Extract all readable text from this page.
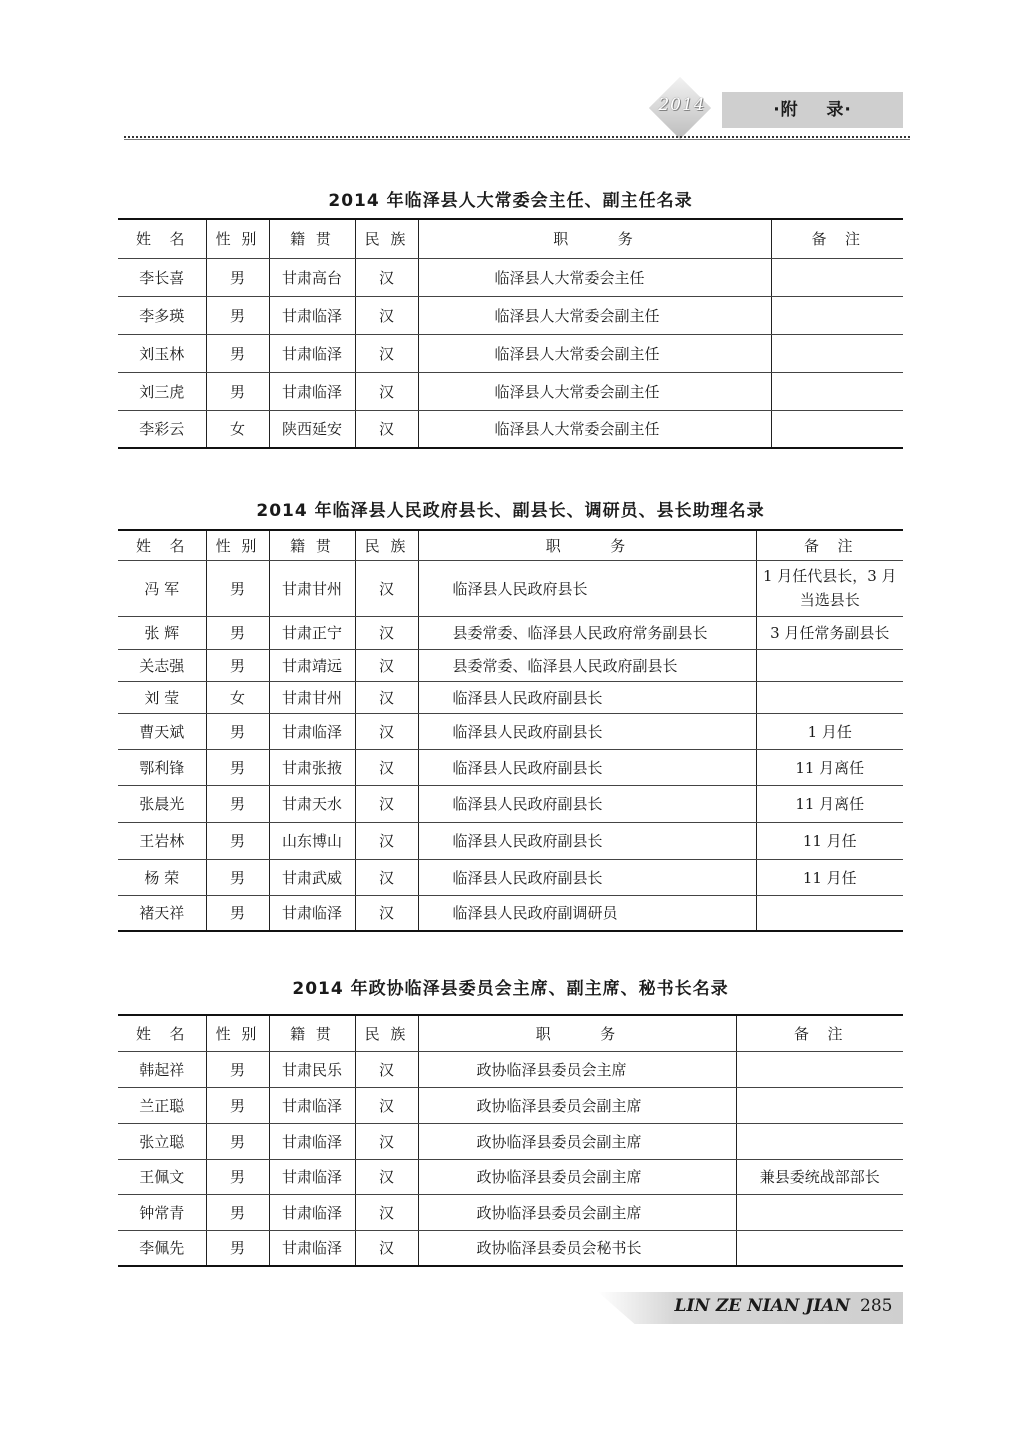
2014	·附    录·
2014 年临泽县人大常委会主任、副主任名录
姓  名	性 别	籍 贯	民 族	职      务	备  注
李长喜	男	甘肃高台	汉	临泽县人大常委会主任	
李多瑛	男	甘肃临泽	汉	临泽县人大常委会副主任	
刘玉林	男	甘肃临泽	汉	临泽县人大常委会副主任	
刘三虎	男	甘肃临泽	汉	临泽县人大常委会副主任	
李彩云	女	陕西延安	汉	临泽县人大常委会副主任	
2014 年临泽县人民政府县长、副县长、调研员、县长助理名录
姓  名	性 别	籍 贯	民 族	职      务	备  注
冯 军	男	甘肃甘州	汉	临泽县人民政府县长	1 月任代县长，3 月当选县长
张 辉	男	甘肃正宁	汉	县委常委、临泽县人民政府常务副县长	3 月任常务副县长
关志强	男	甘肃靖远	汉	县委常委、临泽县人民政府副县长	
刘 莹	女	甘肃甘州	汉	临泽县人民政府副县长	
曹天斌	男	甘肃临泽	汉	临泽县人民政府副县长	1 月任
鄂利锋	男	甘肃张掖	汉	临泽县人民政府副县长	11 月离任
张晨光	男	甘肃天水	汉	临泽县人民政府副县长	11 月离任
王岩林	男	山东博山	汉	临泽县人民政府副县长	11 月任
杨 荣	男	甘肃武威	汉	临泽县人民政府副县长	11 月任
褚天祥	男	甘肃临泽	汉	临泽县人民政府副调研员	
2014 年政协临泽县委员会主席、副主席、秘书长名录
姓  名	性 别	籍 贯	民 族	职      务	备  注
韩起祥	男	甘肃民乐	汉	政协临泽县委员会主席	
兰正聪	男	甘肃临泽	汉	政协临泽县委员会副主席	
张立聪	男	甘肃临泽	汉	政协临泽县委员会副主席	
王佩文	男	甘肃临泽	汉	政协临泽县委员会副主席	兼县委统战部部长
钟常青	男	甘肃临泽	汉	政协临泽县委员会副主席	
李佩先	男	甘肃临泽	汉	政协临泽县委员会秘书长	
LIN ZE NIAN JIAN 285
